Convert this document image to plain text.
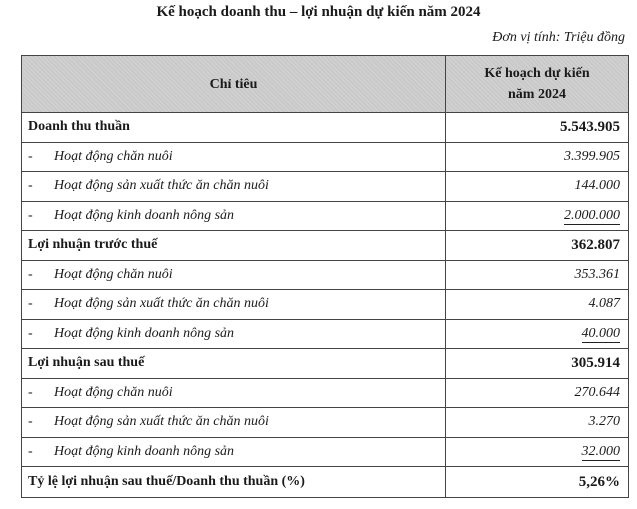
Kế hoạch doanh thu – lợi nhuận dự kiến năm 2024
Đơn vị tính: Triệu đồng
Chỉ tiêu	Kế hoạch dự kiến
năm 2024
Doanh thu thuần	5.543.905
- Hoạt động chăn nuôi	3.399.905
- Hoạt động sản xuất thức ăn chăn nuôi	144.000
- Hoạt động kinh doanh nông sản	2.000.000
Lợi nhuận trước thuế	362.807
- Hoạt động chăn nuôi	353.361
- Hoạt động sản xuất thức ăn chăn nuôi	4.087
- Hoạt động kinh doanh nông sản	40.000
Lợi nhuận sau thuế	305.914
- Hoạt động chăn nuôi	270.644
- Hoạt động sản xuất thức ăn chăn nuôi	3.270
- Hoạt động kinh doanh nông sản	32.000
Tỷ lệ lợi nhuận sau thuế/Doanh thu thuần (%)	5,26%
